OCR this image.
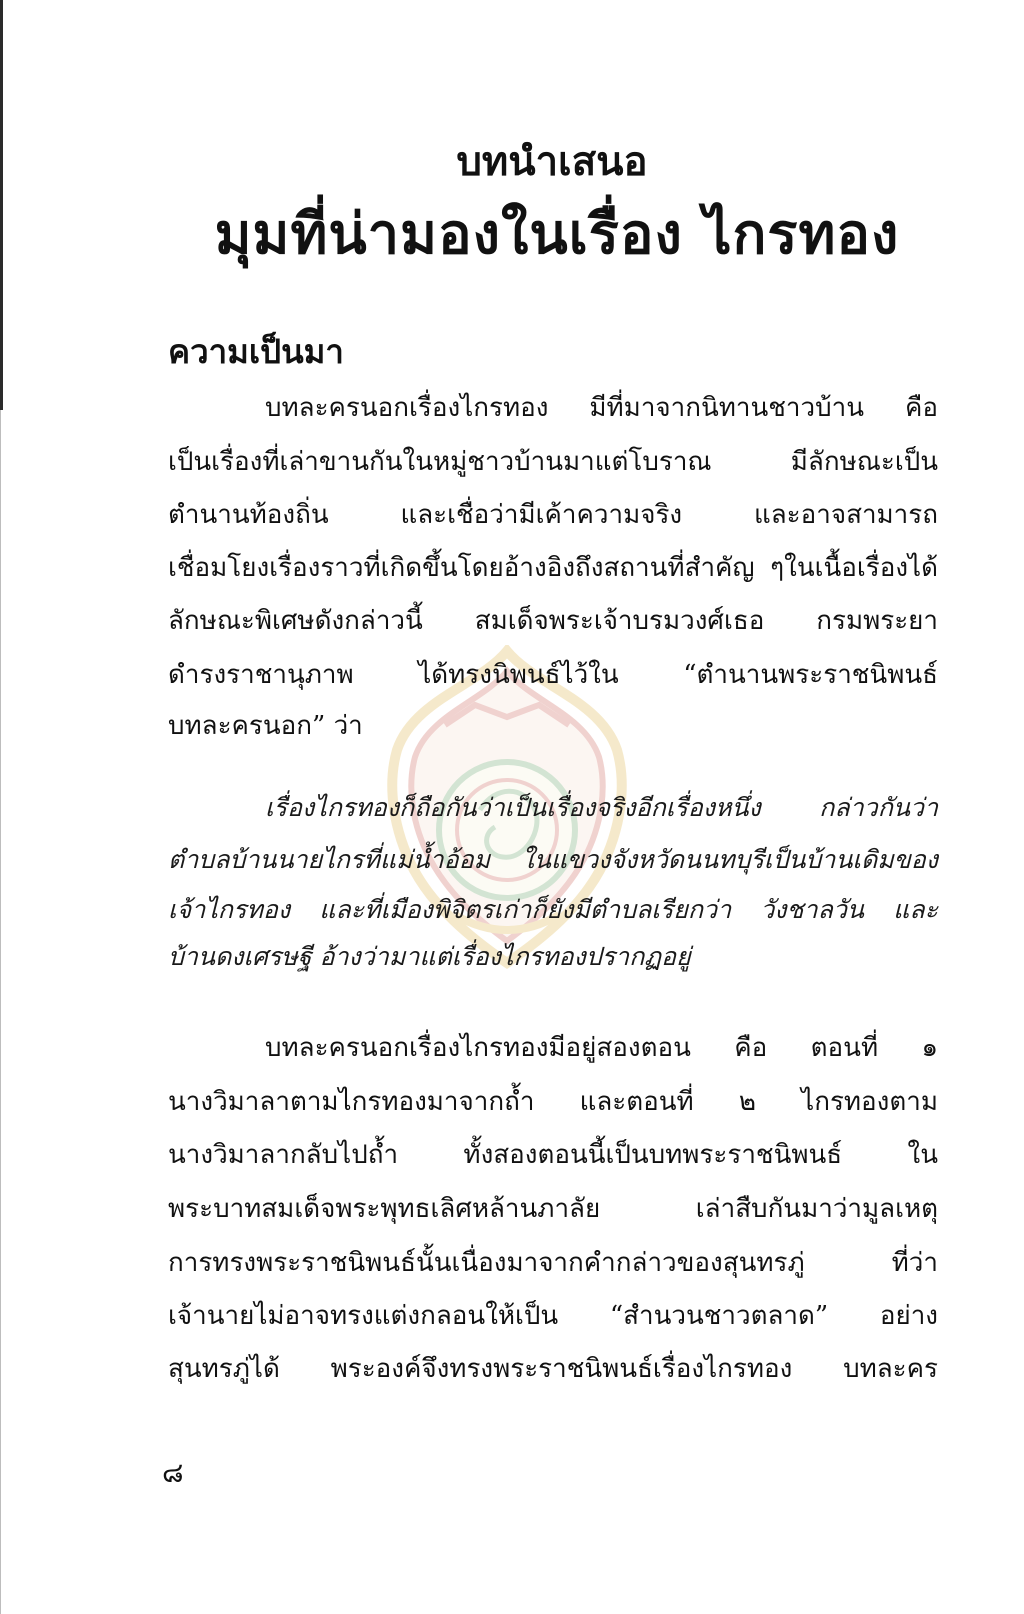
บทนำเสนอ
มุมที่น่ามองในเรื่อง ไกรทอง
ความเป็นมา
บทละครนอกเรื่องไกรทอง มีที่มาจากนิทานชาวบ้าน คือ
เป็นเรื่องที่เล่าขานกันในหมู่ชาวบ้านมาแต่โบราณ มีลักษณะเป็น
ตำนานท้องถิ่น และเชื่อว่ามีเค้าความจริง และอาจสามารถ
เชื่อมโยงเรื่องราวที่เกิดขึ้นโดยอ้างอิงถึงสถานที่สำคัญ ๆในเนื้อเรื่องได้
ลักษณะพิเศษดังกล่าวนี้ สมเด็จพระเจ้าบรมวงศ์เธอ กรมพระยา
ดำรงราชานุภาพ ได้ทรงนิพนธ์ไว้ใน “ตำนานพระราชนิพนธ์
บทละครนอก” ว่า
เรื่องไกรทองก็ถือกันว่าเป็นเรื่องจริงอีกเรื่องหนึ่ง กล่าวกันว่า
ตำบลบ้านนายไกรที่แม่น้ำอ้อม ในแขวงจังหวัดนนทบุรีเป็นบ้านเดิมของ
เจ้าไกรทอง และที่เมืองพิจิตรเก่าก็ยังมีตำบลเรียกว่า วังชาลวัน และ
บ้านดงเศรษฐี อ้างว่ามาแต่เรื่องไกรทองปรากฏอยู่
บทละครนอกเรื่องไกรทองมีอยู่สองตอน คือ ตอนที่ ๑
นางวิมาลาตามไกรทองมาจากถ้ำ และตอนที่ ๒ ไกรทองตาม
นางวิมาลากลับไปถ้ำ ทั้งสองตอนนี้เป็นบทพระราชนิพนธ์ ใน
พระบาทสมเด็จพระพุทธเลิศหล้านภาลัย เล่าสืบกันมาว่ามูลเหตุ
การทรงพระราชนิพนธ์นั้นเนื่องมาจากคำกล่าวของสุนทรภู่ ที่ว่า
เจ้านายไม่อาจทรงแต่งกลอนให้เป็น “สำนวนชาวตลาด” อย่าง
สุนทรภู่ได้ พระองค์จึงทรงพระราชนิพนธ์เรื่องไกรทอง บทละคร
๘
